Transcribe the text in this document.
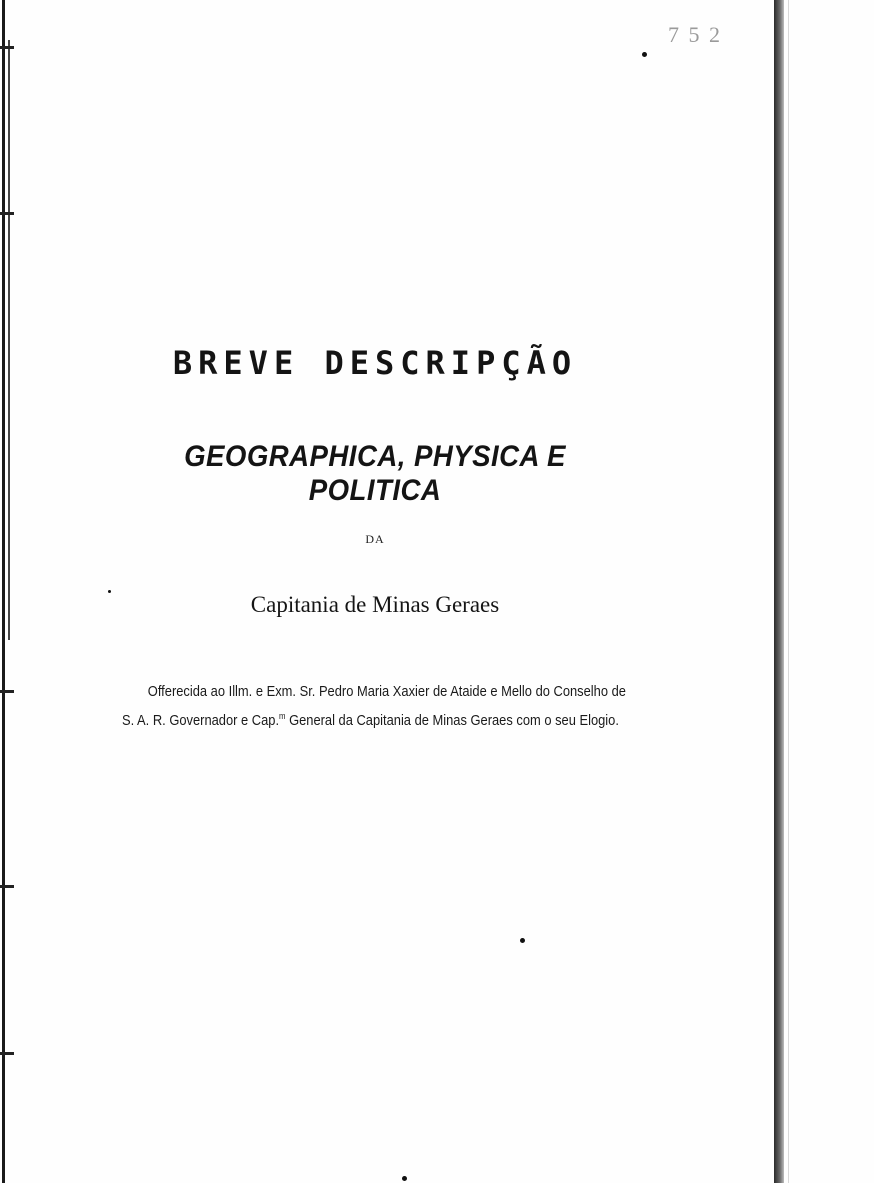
7 5 2
BREVE DESCRIPÇÃO
GEOGRAPHICA, PHYSICA E POLITICA
DA
Capitania de Minas Geraes
Offerecida ao Illm. e Exm. Sr. Pedro Maria Xaxier de Ataide e Mello do Conselho de S. A. R. Governador e Cap.$^m$ General da Capitania de Minas Geraes com o seu Elogio.
